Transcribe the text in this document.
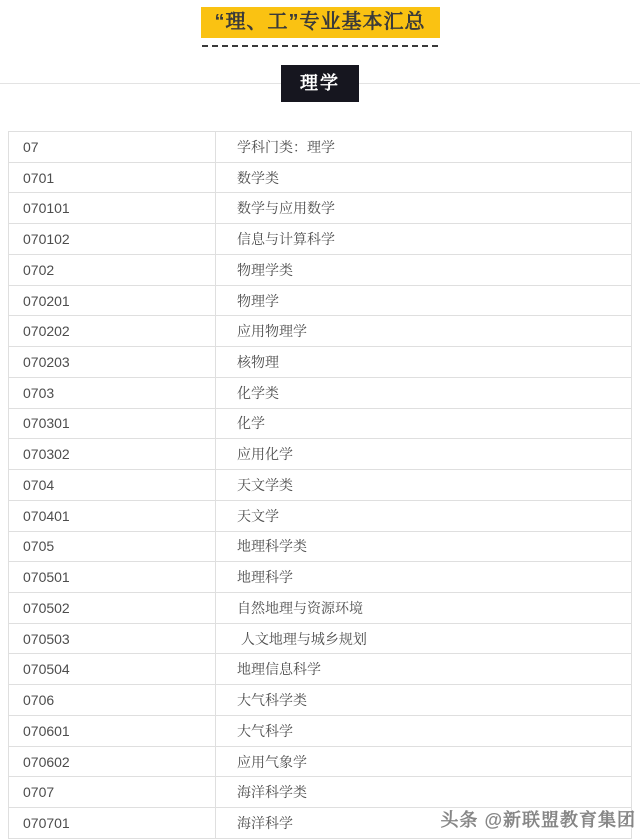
“理、工”专业基本汇总
理学
07	学科门类：理学
0701	数学类
070101	数学与应用数学
070102	信息与计算科学
0702	物理学类
070201	物理学
070202	应用物理学
070203	核物理
0703	化学类
070301	化学
070302	应用化学
0704	天文学类
070401	天文学
0705	地理科学类
070501	地理科学
070502	自然地理与资源环境
070503	人文地理与城乡规划
070504	地理信息科学
0706	大气科学类
070601	大气科学
070602	应用气象学
0707	海洋科学类
070701	海洋科学	头条 @新联盟教育集团
